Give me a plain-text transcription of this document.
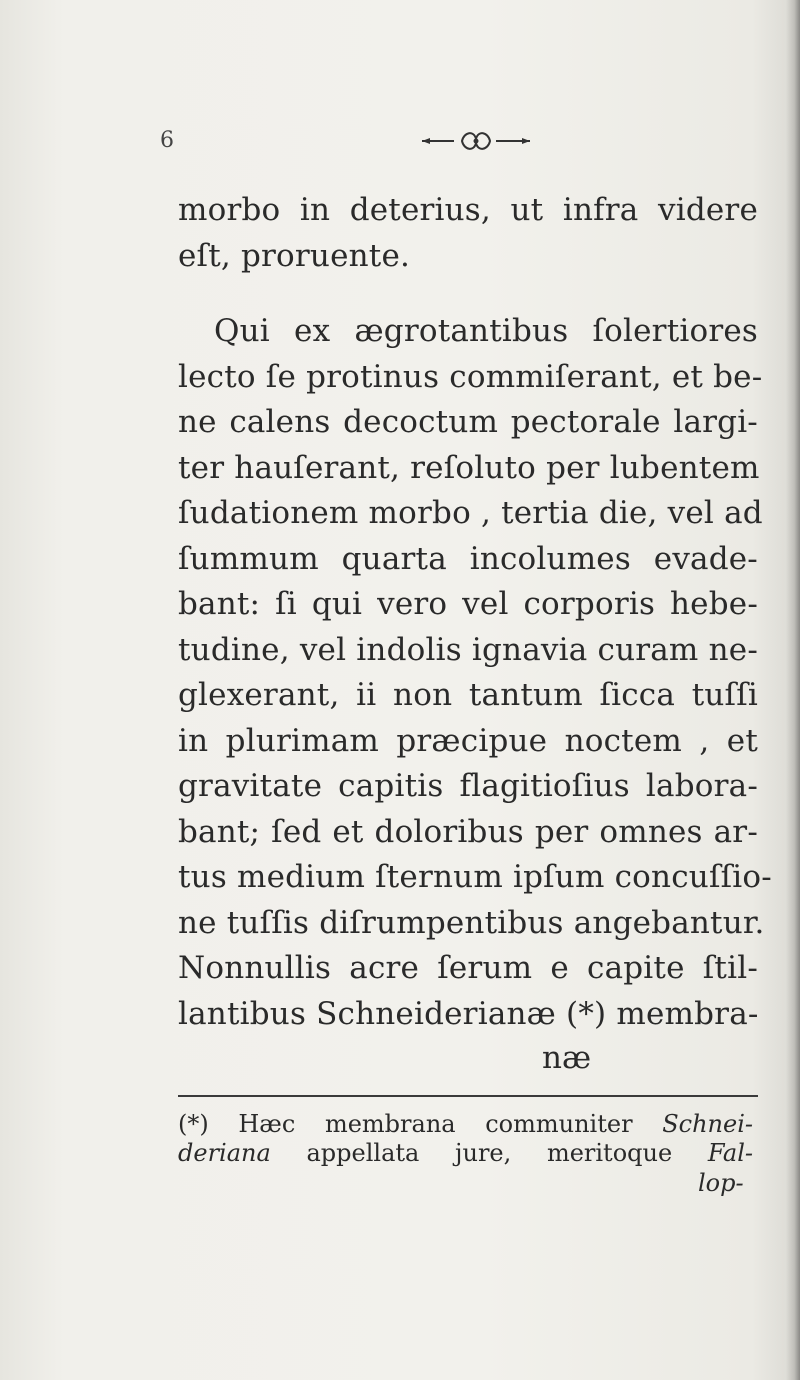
6
morbo in deterius, ut infra videre
eſt, proruente.
Qui ex ægrotantibus ſolertiores
lecto ſe protinus commiſerant, et be-
ne calens decoctum pectorale largi-
ter hauſerant, reſoluto per lubentem
ſudationem morbo , tertia die, vel ad
ſummum quarta incolumes evade-
bant: ſi qui vero vel corporis hebe-
tudine, vel indolis ignavia curam ne-
glexerant, ii non tantum ſicca tuſſi
in plurimam præcipue noctem , et
gravitate capitis flagitioſius labora-
bant; ſed et doloribus per omnes ar-
tus medium ſternum ipſum concuſſio-
ne tuſſis diſrumpentibus angebantur.
Nonnullis acre ſerum e capite ſtil-
lantibus Schneiderianæ (*) membra-
næ
(*) Hæc membrana communiter Schnei-
deriana appellata jure, meritoque Fal-
lop-
